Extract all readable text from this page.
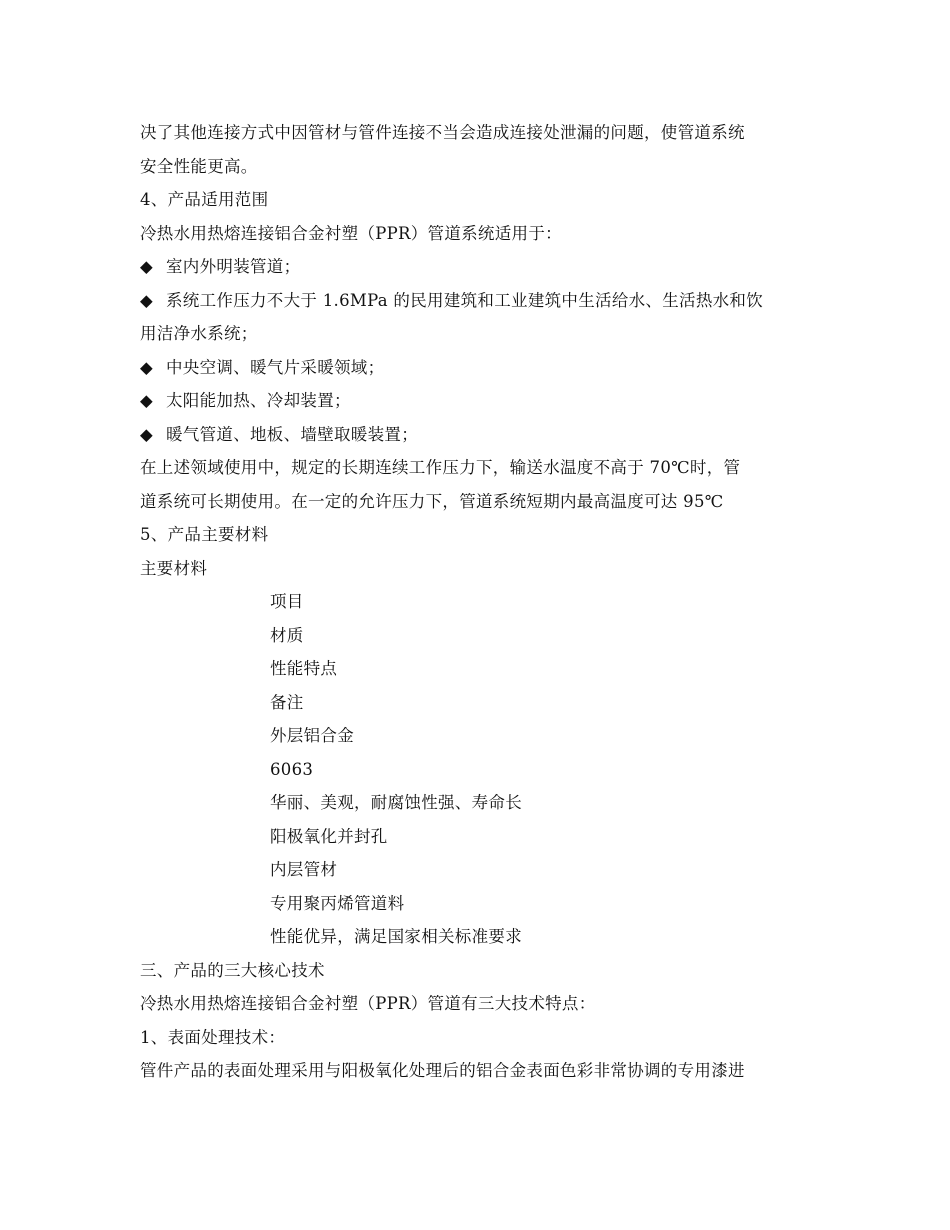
决了其他连接方式中因管材与管件连接不当会造成连接处泄漏的问题，使管道系统
安全性能更高。
4、产品适用范围
冷热水用热熔连接铝合金衬塑（PPR）管道系统适用于：
◆ 室内外明装管道；
◆ 系统工作压力不大于 1.6MPa 的民用建筑和工业建筑中生活给水、生活热水和饮
用洁净水系统；
◆ 中央空调、暖气片采暖领域；
◆ 太阳能加热、冷却装置；
◆ 暖气管道、地板、墙壁取暖装置；
在上述领域使用中，规定的长期连续工作压力下，输送水温度不高于 70℃时，管
道系统可长期使用。在一定的允许压力下，管道系统短期内最高温度可达 95℃
5、产品主要材料
主要材料
项目
材质
性能特点
备注
外层铝合金
6063
华丽、美观，耐腐蚀性强、寿命长
阳极氧化并封孔
内层管材
专用聚丙烯管道料
性能优异，满足国家相关标准要求
三、产品的三大核心技术
冷热水用热熔连接铝合金衬塑（PPR）管道有三大技术特点：
1、表面处理技术：
管件产品的表面处理采用与阳极氧化处理后的铝合金表面色彩非常协调的专用漆进
